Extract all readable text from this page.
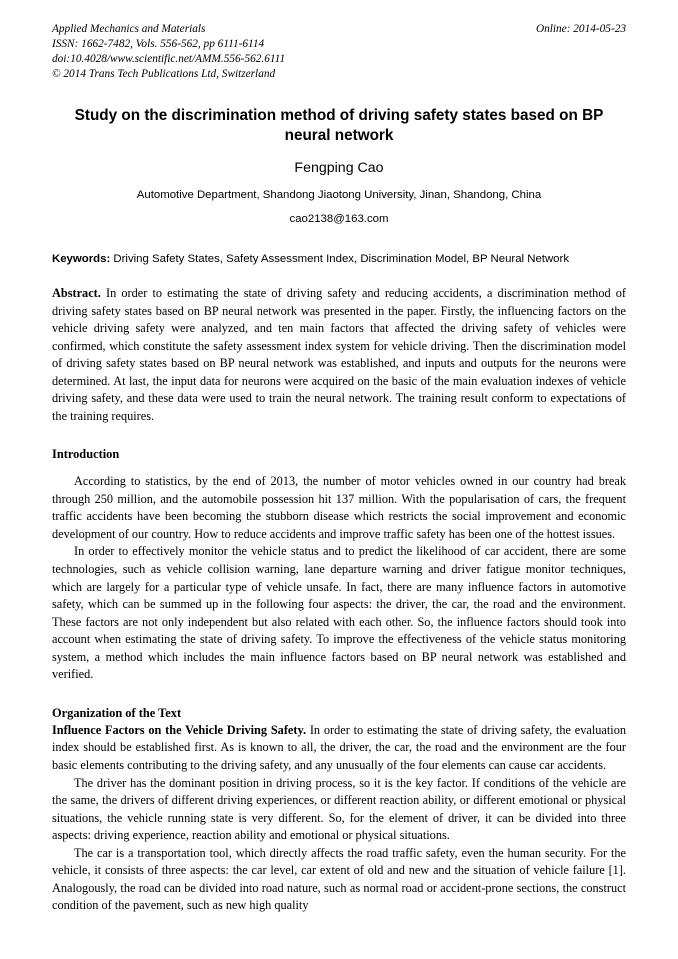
Applied Mechanics and Materials	Online: 2014-05-23
ISSN: 1662-7482, Vols. 556-562, pp 6111-6114
doi:10.4028/www.scientific.net/AMM.556-562.6111
© 2014 Trans Tech Publications Ltd, Switzerland
Study on the discrimination method of driving safety states based on BP neural network
Fengping Cao
Automotive Department, Shandong Jiaotong University, Jinan, Shandong, China
cao2138@163.com
Keywords: Driving Safety States, Safety Assessment Index, Discrimination Model, BP Neural Network
Abstract. In order to estimating the state of driving safety and reducing accidents, a discrimination method of driving safety states based on BP neural network was presented in the paper. Firstly, the influencing factors on the vehicle driving safety were analyzed, and ten main factors that affected the driving safety of vehicles were confirmed, which constitute the safety assessment index system for vehicle driving. Then the discrimination model of driving safety states based on BP neural network was established, and inputs and outputs for the neurons were determined. At last, the input data for neurons were acquired on the basic of the main evaluation indexes of vehicle driving safety, and these data were used to train the neural network. The training result conform to expectations of the training requires.
Introduction

According to statistics, by the end of 2013, the number of motor vehicles owned in our country had break through 250 million, and the automobile possession hit 137 million. With the popularisation of cars, the frequent traffic accidents have been becoming the stubborn disease which restricts the social improvement and economic development of our country. How to reduce accidents and improve traffic safety has been one of the hottest issues.

In order to effectively monitor the vehicle status and to predict the likelihood of car accident, there are some technologies, such as vehicle collision warning, lane departure warning and driver fatigue monitor techniques, which are largely for a particular type of vehicle unsafe. In fact, there are many influence factors in automotive safety, which can be summed up in the following four aspects: the driver, the car, the road and the environment. These factors are not only independent but also related with each other. So, the influence factors should took into account when estimating the state of driving safety. To improve the effectiveness of the vehicle status monitoring system, a method which includes the main influence factors based on BP neural network was established and verified.

Organization of the Text

Influence Factors on the Vehicle Driving Safety. In order to estimating the state of driving safety, the evaluation index should be established first. As is known to all, the driver, the car, the road and the environment are the four basic elements contributing to the driving safety, and any unusually of the four elements can cause car accidents.

The driver has the dominant position in driving process, so it is the key factor. If conditions of the vehicle are the same, the drivers of different driving experiences, or different reaction ability, or different emotional or physical situations, the vehicle running state is very different. So, for the element of driver, it can be divided into three aspects: driving experience, reaction ability and emotional or physical situations.

The car is a transportation tool, which directly affects the road traffic safety, even the human security. For the vehicle, it consists of three aspects: the car level, car extent of old and new and the situation of vehicle failure [1]. Analogously, the road can be divided into road nature, such as normal road or accident-prone sections, the construct condition of the pavement, such as new high quality
